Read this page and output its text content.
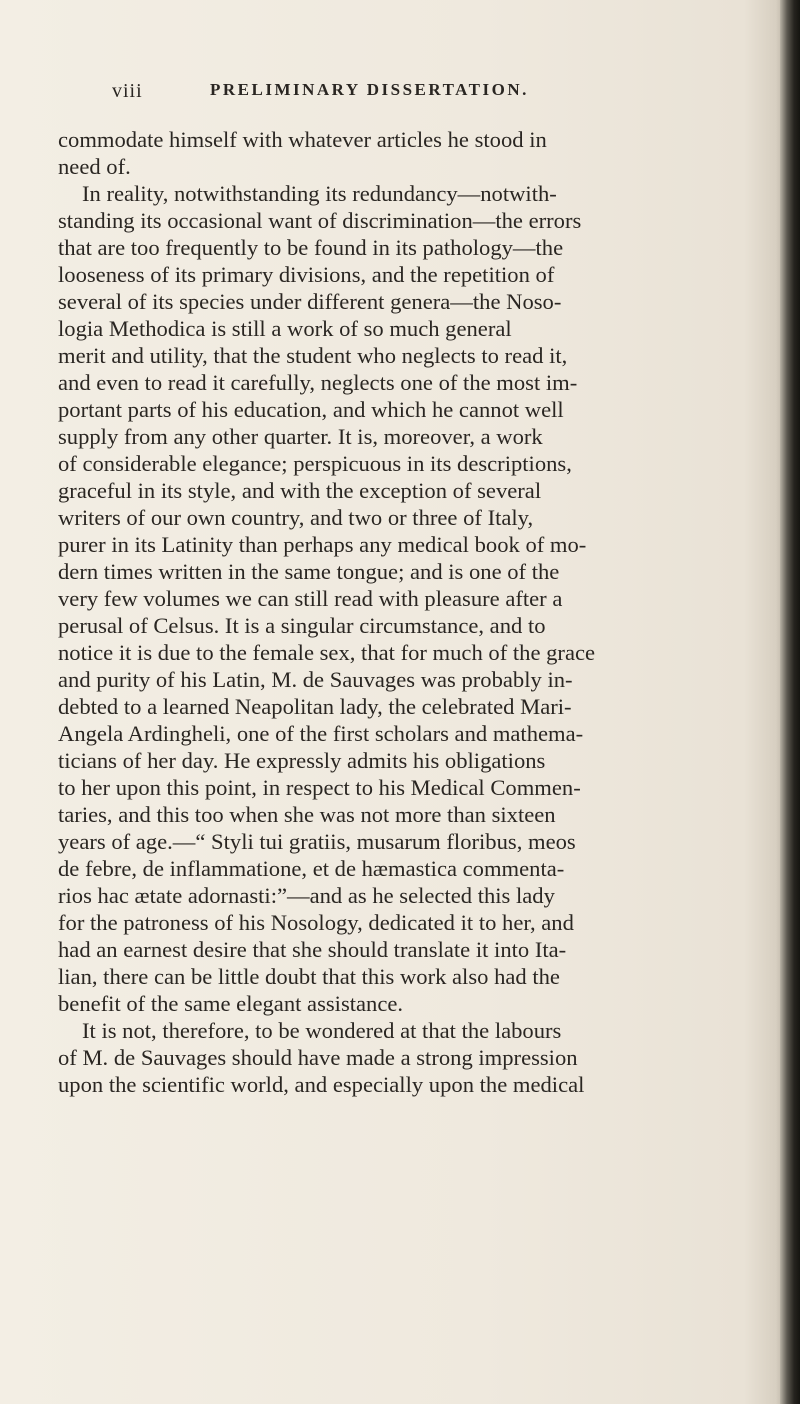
viii	PRELIMINARY DISSERTATION.
commodate himself with whatever articles he stood in
need of.
In reality, notwithstanding its redundancy—notwith-
standing its occasional want of discrimination—the errors
that are too frequently to be found in its pathology—the
looseness of its primary divisions, and the repetition of
several of its species under different genera—the Noso-
logia Methodica is still a work of so much general
merit and utility, that the student who neglects to read it,
and even to read it carefully, neglects one of the most im-
portant parts of his education, and which he cannot well
supply from any other quarter. It is, moreover, a work
of considerable elegance; perspicuous in its descriptions,
graceful in its style, and with the exception of several
writers of our own country, and two or three of Italy,
purer in its Latinity than perhaps any medical book of mo-
dern times written in the same tongue; and is one of the
very few volumes we can still read with pleasure after a
perusal of Celsus. It is a singular circumstance, and to
notice it is due to the female sex, that for much of the grace
and purity of his Latin, M. de Sauvages was probably in-
debted to a learned Neapolitan lady, the celebrated Mari-
Angela Ardingheli, one of the first scholars and mathema-
ticians of her day. He expressly admits his obligations
to her upon this point, in respect to his Medical Commen-
taries, and this too when she was not more than sixteen
years of age.—“ Styli tui gratiis, musarum floribus, meos
de febre, de inflammatione, et de hæmastica commenta-
rios hac ætate adornasti:”—and as he selected this lady
for the patroness of his Nosology, dedicated it to her, and
had an earnest desire that she should translate it into Ita-
lian, there can be little doubt that this work also had the
benefit of the same elegant assistance.
It is not, therefore, to be wondered at that the labours
of M. de Sauvages should have made a strong impression
upon the scientific world, and especially upon the medical
